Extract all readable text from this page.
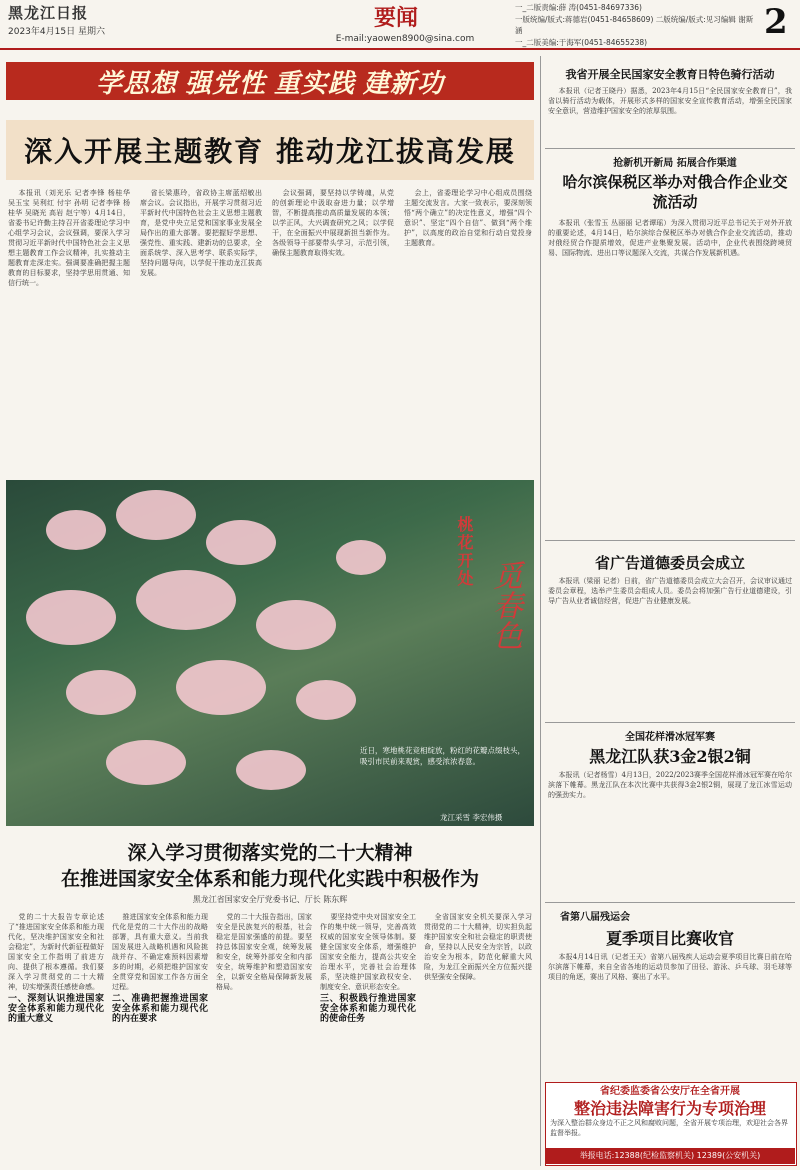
黑龙江日报
2023年4月15日 星期六
要闻
E-mail:yaowen8900@sina.com
一_二版责编:薛 涛(0451-84697336)
一版统编/版式:蒋德岩(0451-84658609) 二版统编/版式:见习编辑 谢斯涵
一_二版美编:于海军(0451-84655238)	2
学思想 强党性 重实践 建新功
深入开展主题教育 推动龙江拔高发展

本报讯（刘光乐 记者李锋 杨桂华 吴玉宝 吴利红 付宇 孙明 记者李锋 杨桂华 吴晓光 高岩 赵宁等）4月14日，省委书记许勤主持召开省委理论学习中心组学习会议，会议强调，要深入学习贯彻习近平新时代中国特色社会主义思想主题教育工作会议精神，扎实推动主题教育走深走实。强调要准确把握主题教育的目标要求，坚持学思用贯通、知信行统一。

省长梁惠玲，省政协主席蓝绍敏出席会议。会议指出，开展学习贯彻习近平新时代中国特色社会主义思想主题教育，是党中央立足党和国家事业发展全局作出的重大部署。要把握好学思想、强党性、重实践、建新功的总要求，全面系统学、深入思考学、联系实际学，坚持问题导向，以学促干推动龙江拔高发展。

会议强调，要坚持以学铸魂，从党的创新理论中汲取奋进力量；以学增智，不断提高推动高质量发展的本领；以学正风，大兴调查研究之风；以学促干，在全面振兴中展现新担当新作为。各级领导干部要带头学习，示范引领，确保主题教育取得实效。

会上，省委理论学习中心组成员围绕主题交流发言。大家一致表示，要深刻领悟“两个确立”的决定性意义，增强“四个意识”、坚定“四个自信”、做到“两个维护”，以高度的政治自觉和行动自觉投身主题教育。

桃花开处
觅春色
近日，寒地桃花竞相绽放，粉红的花瓣点缀枝头，吸引市民前来观赏，感受浓浓春意。
龙江采雪 李宏伟摄
深入学习贯彻落实党的二十大精神
在推进国家安全体系和能力现代化实践中积极作为
黑龙江省国家安全厅党委书记、厅长 陈东辉

党的二十大报告专章论述了“推进国家安全体系和能力现代化，坚决维护国家安全和社会稳定”，为新时代新征程做好国家安全工作指明了前进方向、提供了根本遵循。我们要深入学习贯彻党的二十大精神，切实增强责任感使命感。

一、深刻认识推进国家安全体系和能力现代化的重大意义

推进国家安全体系和能力现代化是党的二十大作出的战略部署，具有重大意义。当前我国发展进入战略机遇和风险挑战并存、不确定难预料因素增多的时期，必须把维护国家安全贯穿党和国家工作各方面全过程。

二、准确把握推进国家安全体系和能力现代化的内在要求

党的二十大报告指出，国家安全是民族复兴的根基，社会稳定是国家强盛的前提。要坚持总体国家安全观，统筹发展和安全，统筹外部安全和内部安全，统筹维护和塑造国家安全，以新安全格局保障新发展格局。

要坚持党中央对国家安全工作的集中统一领导，完善高效权威的国家安全领导体制。要健全国家安全体系，增强维护国家安全能力，提高公共安全治理水平，完善社会治理体系，坚决维护国家政权安全、制度安全、意识形态安全。

三、积极践行推进国家安全体系和能力现代化的使命任务

全省国家安全机关要深入学习贯彻党的二十大精神，切实担负起维护国家安全和社会稳定的职责使命，坚持以人民安全为宗旨，以政治安全为根本，防范化解重大风险，为龙江全面振兴全方位振兴提供坚强安全保障。

我省开展全民国家安全教育日特色骑行活动

本报讯（记者王晓丹）据悉，2023年4月15日“全民国家安全教育日”，我省以骑行活动为载体，开展形式多样的国家安全宣传教育活动，增强全民国家安全意识，营造维护国家安全的浓厚氛围。

抢新机开新局 拓展合作渠道
哈尔滨保税区举办对俄合作企业交流活动

本报讯（张雪玉 丛丽丽 记者谭瑶）为深入贯彻习近平总书记关于对外开放的重要论述，4月14日，哈尔滨综合保税区举办对俄合作企业交流活动，推动对俄经贸合作提质增效，促进产业集聚发展。活动中，企业代表围绕跨境贸易、国际物流、进出口等议题深入交流，共谋合作发展新机遇。

省广告道德委员会成立

本报讯（梁丽 记者）日前，省广告道德委员会成立大会召开，会议审议通过委员会章程，选举产生委员会组成人员。委员会将加强广告行业道德建设，引导广告从业者诚信经营，促进广告业健康发展。

全国花样滑冰冠军赛
黑龙江队获3金2银2铜

本报讯（记者杨雪）4月13日，2022/2023赛季全国花样滑冰冠军赛在哈尔滨落下帷幕。黑龙江队在本次比赛中共获得3金2银2铜，展现了龙江冰雪运动的强劲实力。

省第八届残运会
夏季项目比赛收官

本报4月14日讯（记者王天）省第八届残疾人运动会夏季项目比赛日前在哈尔滨落下帷幕，来自全省各地的运动员参加了田径、游泳、乒乓球、羽毛球等项目的角逐，赛出了风格、赛出了水平。

省纪委监委省公安厅在全省开展
整治违法障害行为专项治理
为深入整治群众身边不正之风和腐败问题，全省开展专项治理，欢迎社会各界监督举报。
举报电话:12388(纪检监察机关) 12389(公安机关)
